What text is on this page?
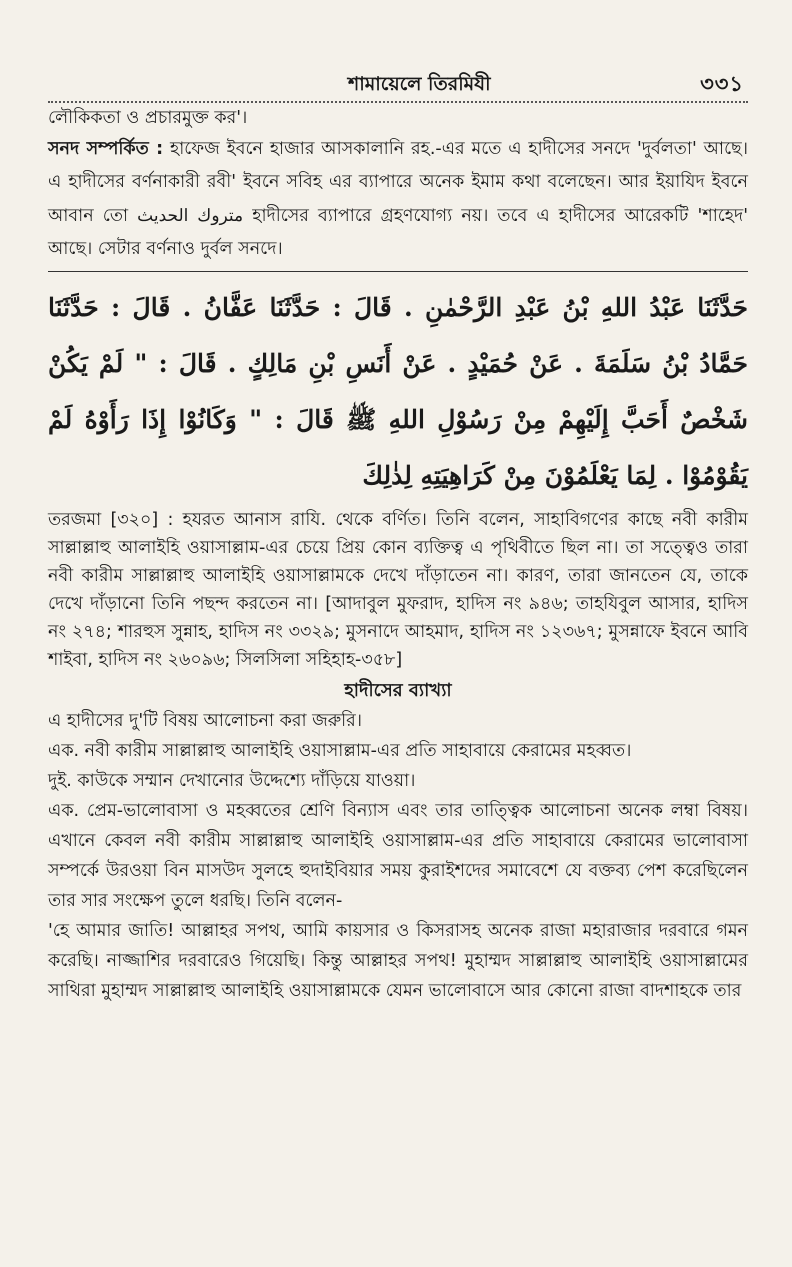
শামায়েলে তিরমিযী	৩৩১

লৌকিকতা ও প্রচারমুক্ত কর'।

সনদ সম্পর্কিত : হাফেজ ইবনে হাজার আসকালানি রহ.-এর মতে এ হাদীসের সনদে 'দুর্বলতা' আছে। এ হাদীসের বর্ণনাকারী রবী' ইবনে সবিহ এর ব্যাপারে অনেক ইমাম কথা বলেছেন। আর ইয়াযিদ ইবনে আবান তো متروك الحديث হাদীসের ব্যাপারে গ্রহণযোগ্য নয়। তবে এ হাদীসের আরেকটি 'শাহেদ' আছে। সেটার বর্ণনাও দুর্বল সনদে।

حَدَّثَنَا عَبْدُ اللهِ بْنُ عَبْدِ الرَّحْمٰنِ . قَالَ : حَدَّثَنَا عَفَّانُ . قَالَ : حَدَّثَنَا حَمَّادُ بْنُ سَلَمَةَ . عَنْ حُمَيْدٍ . عَنْ أَنَسِ بْنِ مَالِكٍ . قَالَ : " لَمْ يَكُنْ شَخْصٌ أَحَبَّ إِلَيْهِمْ مِنْ رَسُوْلِ اللهِ ﷺ قَالَ : " وَكَانُوْا إِذَا رَأَوْهُ لَمْ يَقُوْمُوْا . لِمَا يَعْلَمُوْنَ مِنْ كَرَاهِيَتِهِ لِذٰلِكَ

তরজমা [৩২০] : হযরত আনাস রাযি. থেকে বর্ণিত। তিনি বলেন, সাহাবিগণের কাছে নবী কারীম সাল্লাল্লাহু আলাইহি ওয়াসাল্লাম-এর চেয়ে প্রিয় কোন ব্যক্তিত্ব এ পৃথিবীতে ছিল না। তা সত্ত্বেও তারা নবী কারীম সাল্লাল্লাহু আলাইহি ওয়াসাল্লামকে দেখে দাঁড়াতেন না। কারণ, তারা জানতেন যে, তাকে দেখে দাঁড়ানো তিনি পছন্দ করতেন না। [আদাবুল মুফরাদ, হাদিস নং ৯৪৬; তাহযিবুল আসার, হাদিস নং ২৭৪; শারহুস সুন্নাহ, হাদিস নং ৩৩২৯; মুসনাদে আহমাদ, হাদিস নং ১২৩৬৭; মুসন্নাফে ইবনে আবি শাইবা, হাদিস নং ২৬০৯৬; সিলসিলা সহিহাহ-৩৫৮]

হাদীসের ব্যাখ্যা

এ হাদীসের দু'টি বিষয় আলোচনা করা জরুরি।

এক. নবী কারীম সাল্লাল্লাহু আলাইহি ওয়াসাল্লাম-এর প্রতি সাহাবায়ে কেরামের মহব্বত।

দুই. কাউকে সম্মান দেখানোর উদ্দেশ্যে দাঁড়িয়ে যাওয়া।

এক. প্রেম-ভালোবাসা ও মহব্বতের শ্রেণি বিন্যাস এবং তার তাত্ত্বিক আলোচনা অনেক লম্বা বিষয়। এখানে কেবল নবী কারীম সাল্লাল্লাহু আলাইহি ওয়াসাল্লাম-এর প্রতি সাহাবায়ে কেরামের ভালোবাসা সম্পর্কে উরওয়া বিন মাসউদ সুলহে হুদাইবিয়ার সময় কুরাইশদের সমাবেশে যে বক্তব্য পেশ করেছিলেন তার সার সংক্ষেপ তুলে ধরছি। তিনি বলেন-

'হে আমার জাতি! আল্লাহর সপথ, আমি কায়সার ও কিসরাসহ অনেক রাজা মহারাজার দরবারে গমন করেছি। নাজ্জাশির দরবারেও গিয়েছি। কিন্তু আল্লাহর সপথ! মুহাম্মদ সাল্লাল্লাহু আলাইহি ওয়াসাল্লামের সাথিরা মুহাম্মদ সাল্লাল্লাহু আলাইহি ওয়াসাল্লামকে যেমন ভালোবাসে আর কোনো রাজা বাদশাহকে তার
